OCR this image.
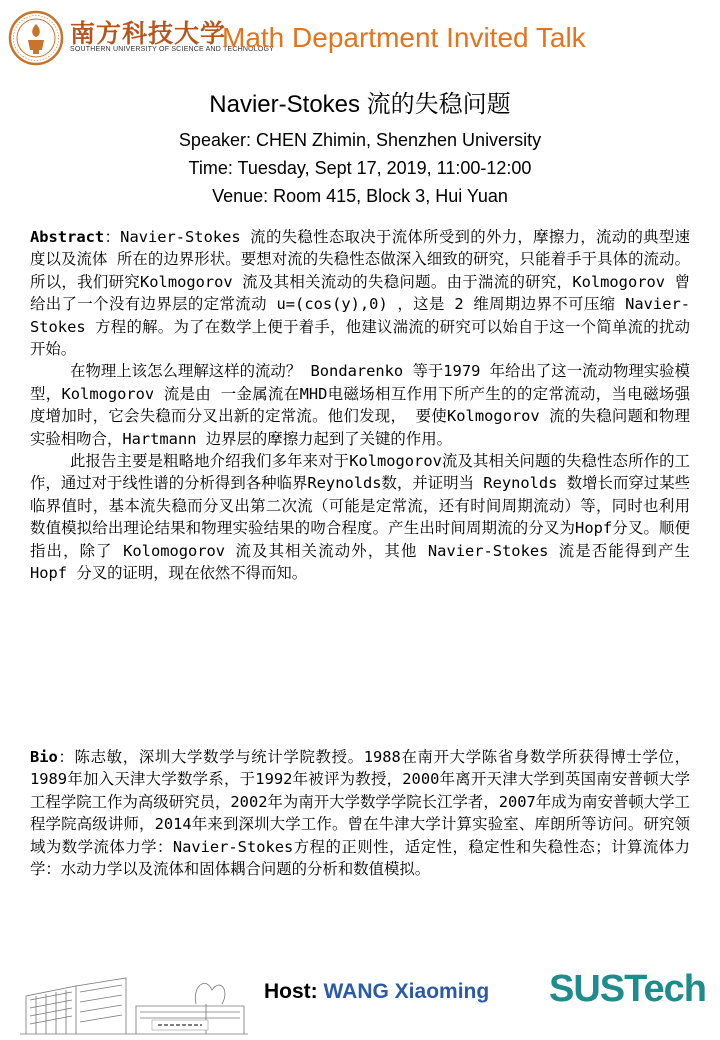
南方科技大学
SOUTHERN UNIVERSITY OF SCIENCE AND TECHNOLOGY
Math Department Invited Talk
Navier-Stokes 流的失稳问题
Speaker: CHEN Zhimin, Shenzhen University
Time: Tuesday, Sept 17, 2019, 11:00-12:00
Venue: Room 415, Block 3, Hui Yuan

Abstract：Navier-Stokes 流的失稳性态取决于流体所受到的外力，摩擦力，流动的典型速度以及流体 所在的边界形状。要想对流的失稳性态做深入细致的研究，只能着手于具体的流动。所以，我们研究Kolmogorov 流及其相关流动的失稳问题。由于湍流的研究，Kolmogorov 曾给出了一个没有边界层的定常流动 u=(cos(y),0) ，这是 2 维周期边界不可压缩 Navier-Stokes 方程的解。为了在数学上便于着手，他建议湍流的研究可以始自于这一个简单流的扰动开始。

在物理上该怎么理解这样的流动？ Bondarenko 等于1979 年给出了这一流动物理实验模型，Kolmogorov 流是由 一金属流在MHD电磁场相互作用下所产生的的定常流动，当电磁场强度增加时，它会失稳而分叉出新的定常流。他们发现， 要使Kolmogorov 流的失稳问题和物理实验相吻合，Hartmann 边界层的摩擦力起到了关键的作用。

此报告主要是粗略地介绍我们多年来对于Kolmogorov流及其相关问题的失稳性态所作的工作，通过对于线性谱的分析得到各种临界Reynolds数，并证明当 Reynolds 数增长而穿过某些临界值时，基本流失稳而分叉出第二次流（可能是定常流，还有时间周期流动）等，同时也利用数值模拟给出理论结果和物理实验结果的吻合程度。产生出时间周期流的分叉为Hopf分叉。顺便指出，除了 Kolomogorov 流及其相关流动外，其他 Navier-Stokes 流是否能得到产生 Hopf 分叉的证明，现在依然不得而知。

Bio：陈志敏，深圳大学数学与统计学院教授。1988在南开大学陈省身数学所获得博士学位，1989年加入天津大学数学系，于1992年被评为教授，2000年离开天津大学到英国南安普顿大学工程学院工作为高级研究员，2002年为南开大学数学学院长江学者，2007年成为南安普顿大学工程学院高级讲师，2014年来到深圳大学工作。曾在牛津大学计算实验室、库朗所等访问。研究领域为数学流体力学：Navier-Stokes方程的正则性，适定性，稳定性和失稳性态；计算流体力学：水动力学以及流体和固体耦合问题的分析和数值模拟。

Host: WANG Xiaoming SUSTech
